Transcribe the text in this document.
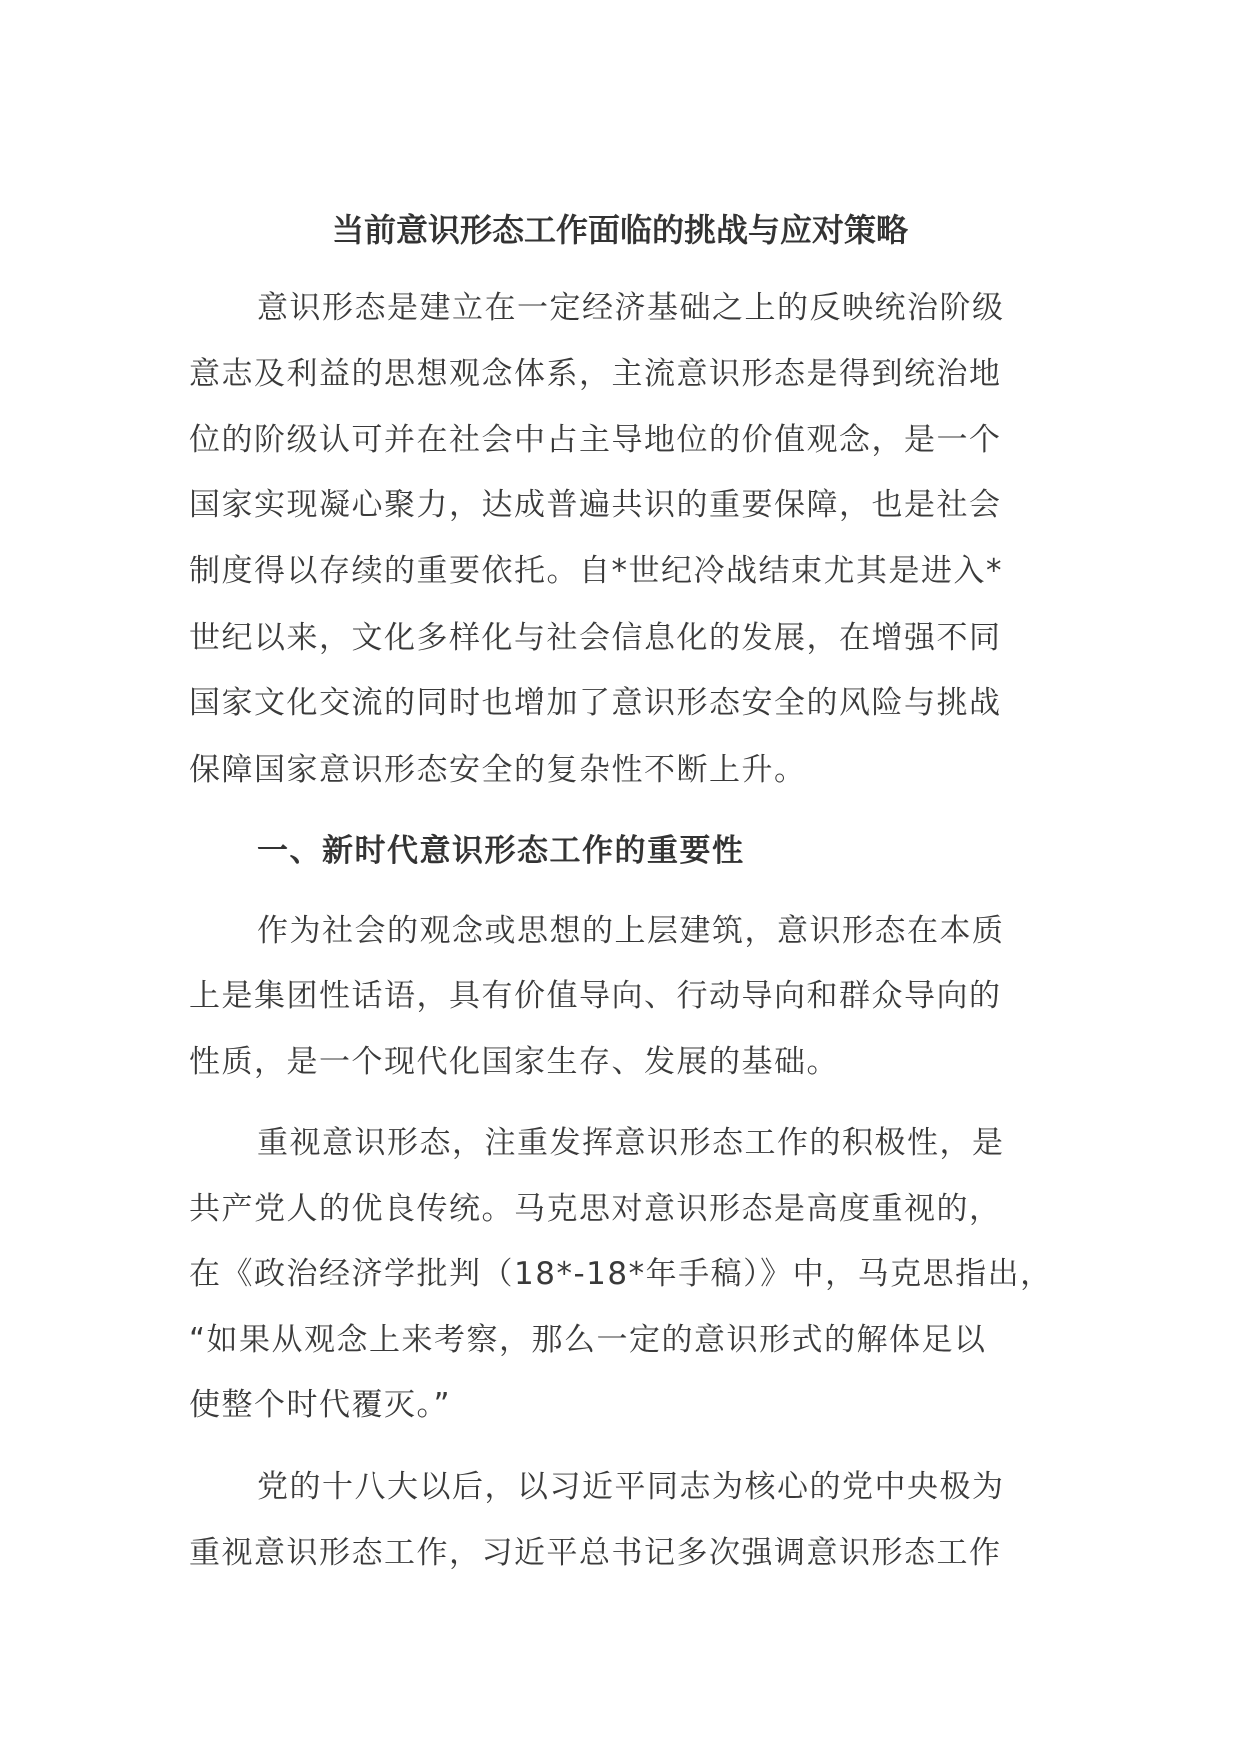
当前意识形态工作面临的挑战与应对策略
意识形态是建立在一定经济基础之上的反映统治阶级
意志及利益的思想观念体系，主流意识形态是得到统治地
位的阶级认可并在社会中占主导地位的价值观念，是一个
国家实现凝心聚力，达成普遍共识的重要保障，也是社会
制度得以存续的重要依托。自*世纪冷战结束尤其是进入*
世纪以来，文化多样化与社会信息化的发展，在增强不同
国家文化交流的同时也增加了意识形态安全的风险与挑战
保障国家意识形态安全的复杂性不断上升。
一、新时代意识形态工作的重要性
作为社会的观念或思想的上层建筑，意识形态在本质
上是集团性话语，具有价值导向、行动导向和群众导向的
性质，是一个现代化国家生存、发展的基础。
重视意识形态，注重发挥意识形态工作的积极性，是
共产党人的优良传统。马克思对意识形态是高度重视的，
在《政治经济学批判（18*-18*年手稿）》中，马克思指出，
“如果从观念上来考察，那么一定的意识形式的解体足以
使整个时代覆灭。”
党的十八大以后，以习近平同志为核心的党中央极为
重视意识形态工作，习近平总书记多次强调意识形态工作
